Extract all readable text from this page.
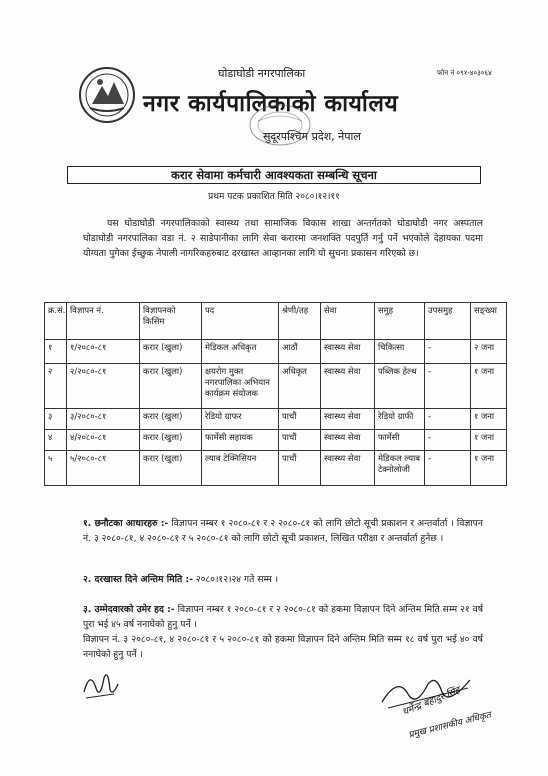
घोडाघोडी नगरपालिका	फोन नं ०९१-४०३०६४
नगर कार्यपालिकाको कार्यालय
सुदूरपश्चिम प्रदेश, नेपाल
करार सेवामा कर्मचारी आवश्यकता सम्बन्धि सूचना
प्रथम पटक प्रकाशित मिति २०८०।१२।११
यस घोडाघोडी नगरपालिकाको स्वास्थ्य तथा सामाजिक विकास शाखा अन्तर्गतको घोडाघोडी नगर अस्पताल घोडाघोडी नगरपालिका वडा नं. २ साडेपानीका लागि सेवा करारमा जनशक्ति पदपुर्ति गर्नु पर्ने भएकोले देहायका पदमा योग्यता पुगेका ईच्छुक नेपाली नागरिकहरुबाट दरखास्त आव्हानका लागि यो सुचना प्रकासन गरिएको छ।
क्र.सं.	विज्ञापन नं.	विज्ञापनको किसिम	पद	श्रेणी/तह	सेवा	समुह	उपसमुह	सङ्ख्या
१	१/२०८०-८१	करार (खुला)	मेडिकल अधिकृत	आठौं	स्वास्थ्य सेवा	चिकित्सा	-	२ जना
२	२/२०८०-८१	करार (खुला)	क्षयरोग मुक्त नगरपालिका अभियान कार्यक्रम संयोजक	अधिकृत	स्वास्थ्य सेवा	पब्लिक हेल्थ	-	१ जना
३	३/२०८०-८१	करार (खुला)	रेडियो ग्राफर	पाचौं	स्वास्थ्य सेवा	रेडियो ग्राफी	-	१ जना
४	४/२०८०-८१	करार (खुला)	फार्मेसी सहायक	पाचौं	स्वास्थ्य सेवा	फार्मेसी	-	१ जना
५	५/२०८०-८१	करार (खुला)	ल्याब टेक्निसियन	पाचौं	स्वास्थ्य सेवा	मेडिकल ल्याब टेक्नोलोजी	-	१ जना
१. छनौटका आधारहरु :- विज्ञापन नम्बर १ २०८०-८१ र २ २०८०-८१ को लागि छोटो सूची प्रकाशन र अन्तर्वार्ता । विज्ञापन नं. ३ २०८०-८१, ४ २०८०-८१ र ५ २०८०-८१ को लागि छोटो सूची प्रकाशन, लिखित परीक्षा र अन्तर्वार्ता हुनेछ ।
२. दरखास्त दिने अन्तिम मिति :- २०८०।१२।२४ गते सम्म ।
३. उम्मेदवारको उमेर हद :- विज्ञापन नम्बर १ २०८०-८१ र २ २०८०-८१ को हकमा विज्ञापन दिने अन्तिम मिति सम्म २१ वर्ष पुरा भई ४५ वर्ष ननाघेको हुनु पर्ने ।
विज्ञापन नं. ३ २०८०-८१, ४ २०८०-८१ र ५ २०८०-८१ को हकमा विज्ञापन दिने अन्तिम मिति सम्म १८ वर्ष पुरा भई ४० वर्ष ननाघेको हुनु पर्ने ।
धर्मेन्द्र बहादुर सिंह
प्रमुख प्रशासकीय अधिकृत
